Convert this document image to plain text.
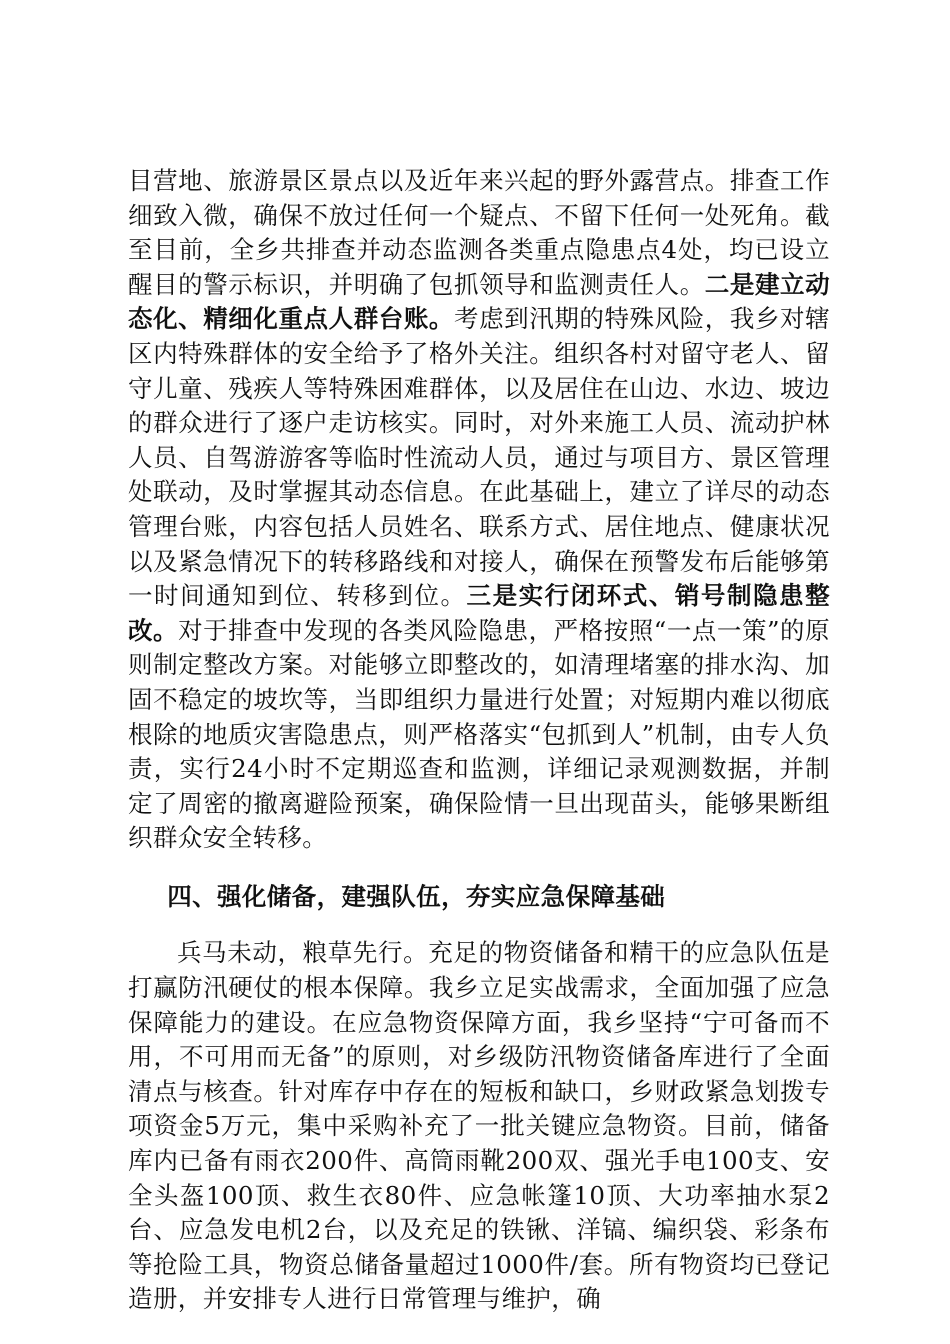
目营地、旅游景区景点以及近年来兴起的野外露营点。排查工作细致入微，确保不放过任何一个疑点、不留下任何一处死角。截至目前，全乡共排查并动态监测各类重点隐患点4处，均已设立醒目的警示标识，并明确了包抓领导和监测责任人。二是建立动态化、精细化重点人群台账。考虑到汛期的特殊风险，我乡对辖区内特殊群体的安全给予了格外关注。组织各村对留守老人、留守儿童、残疾人等特殊困难群体，以及居住在山边、水边、坡边的群众进行了逐户走访核实。同时，对外来施工人员、流动护林人员、自驾游游客等临时性流动人员，通过与项目方、景区管理处联动，及时掌握其动态信息。在此基础上，建立了详尽的动态管理台账，内容包括人员姓名、联系方式、居住地点、健康状况以及紧急情况下的转移路线和对接人，确保在预警发布后能够第一时间通知到位、转移到位。三是实行闭环式、销号制隐患整改。对于排查中发现的各类风险隐患，严格按照“一点一策”的原则制定整改方案。对能够立即整改的，如清理堵塞的排水沟、加固不稳定的坡坎等，当即组织力量进行处置；对短期内难以彻底根除的地质灾害隐患点，则严格落实“包抓到人”机制，由专人负责，实行24小时不定期巡查和监测，详细记录观测数据，并制定了周密的撤离避险预案，确保险情一旦出现苗头，能够果断组织群众安全转移。

四、强化储备，建强队伍，夯实应急保障基础

兵马未动，粮草先行。充足的物资储备和精干的应急队伍是打赢防汛硬仗的根本保障。我乡立足实战需求，全面加强了应急保障能力的建设。在应急物资保障方面，我乡坚持“宁可备而不用，不可用而无备”的原则，对乡级防汛物资储备库进行了全面清点与核查。针对库存中存在的短板和缺口，乡财政紧急划拨专项资金5万元，集中采购补充了一批关键应急物资。目前，储备库内已备有雨衣200件、高筒雨靴200双、强光手电100支、安全头盔100顶、救生衣80件、应急帐篷10顶、大功率抽水泵2台、应急发电机2台，以及充足的铁锹、洋镐、编织袋、彩条布等抢险工具，物资总储备量超过1000件/套。所有物资均已登记造册，并安排专人进行日常管理与维护，确
